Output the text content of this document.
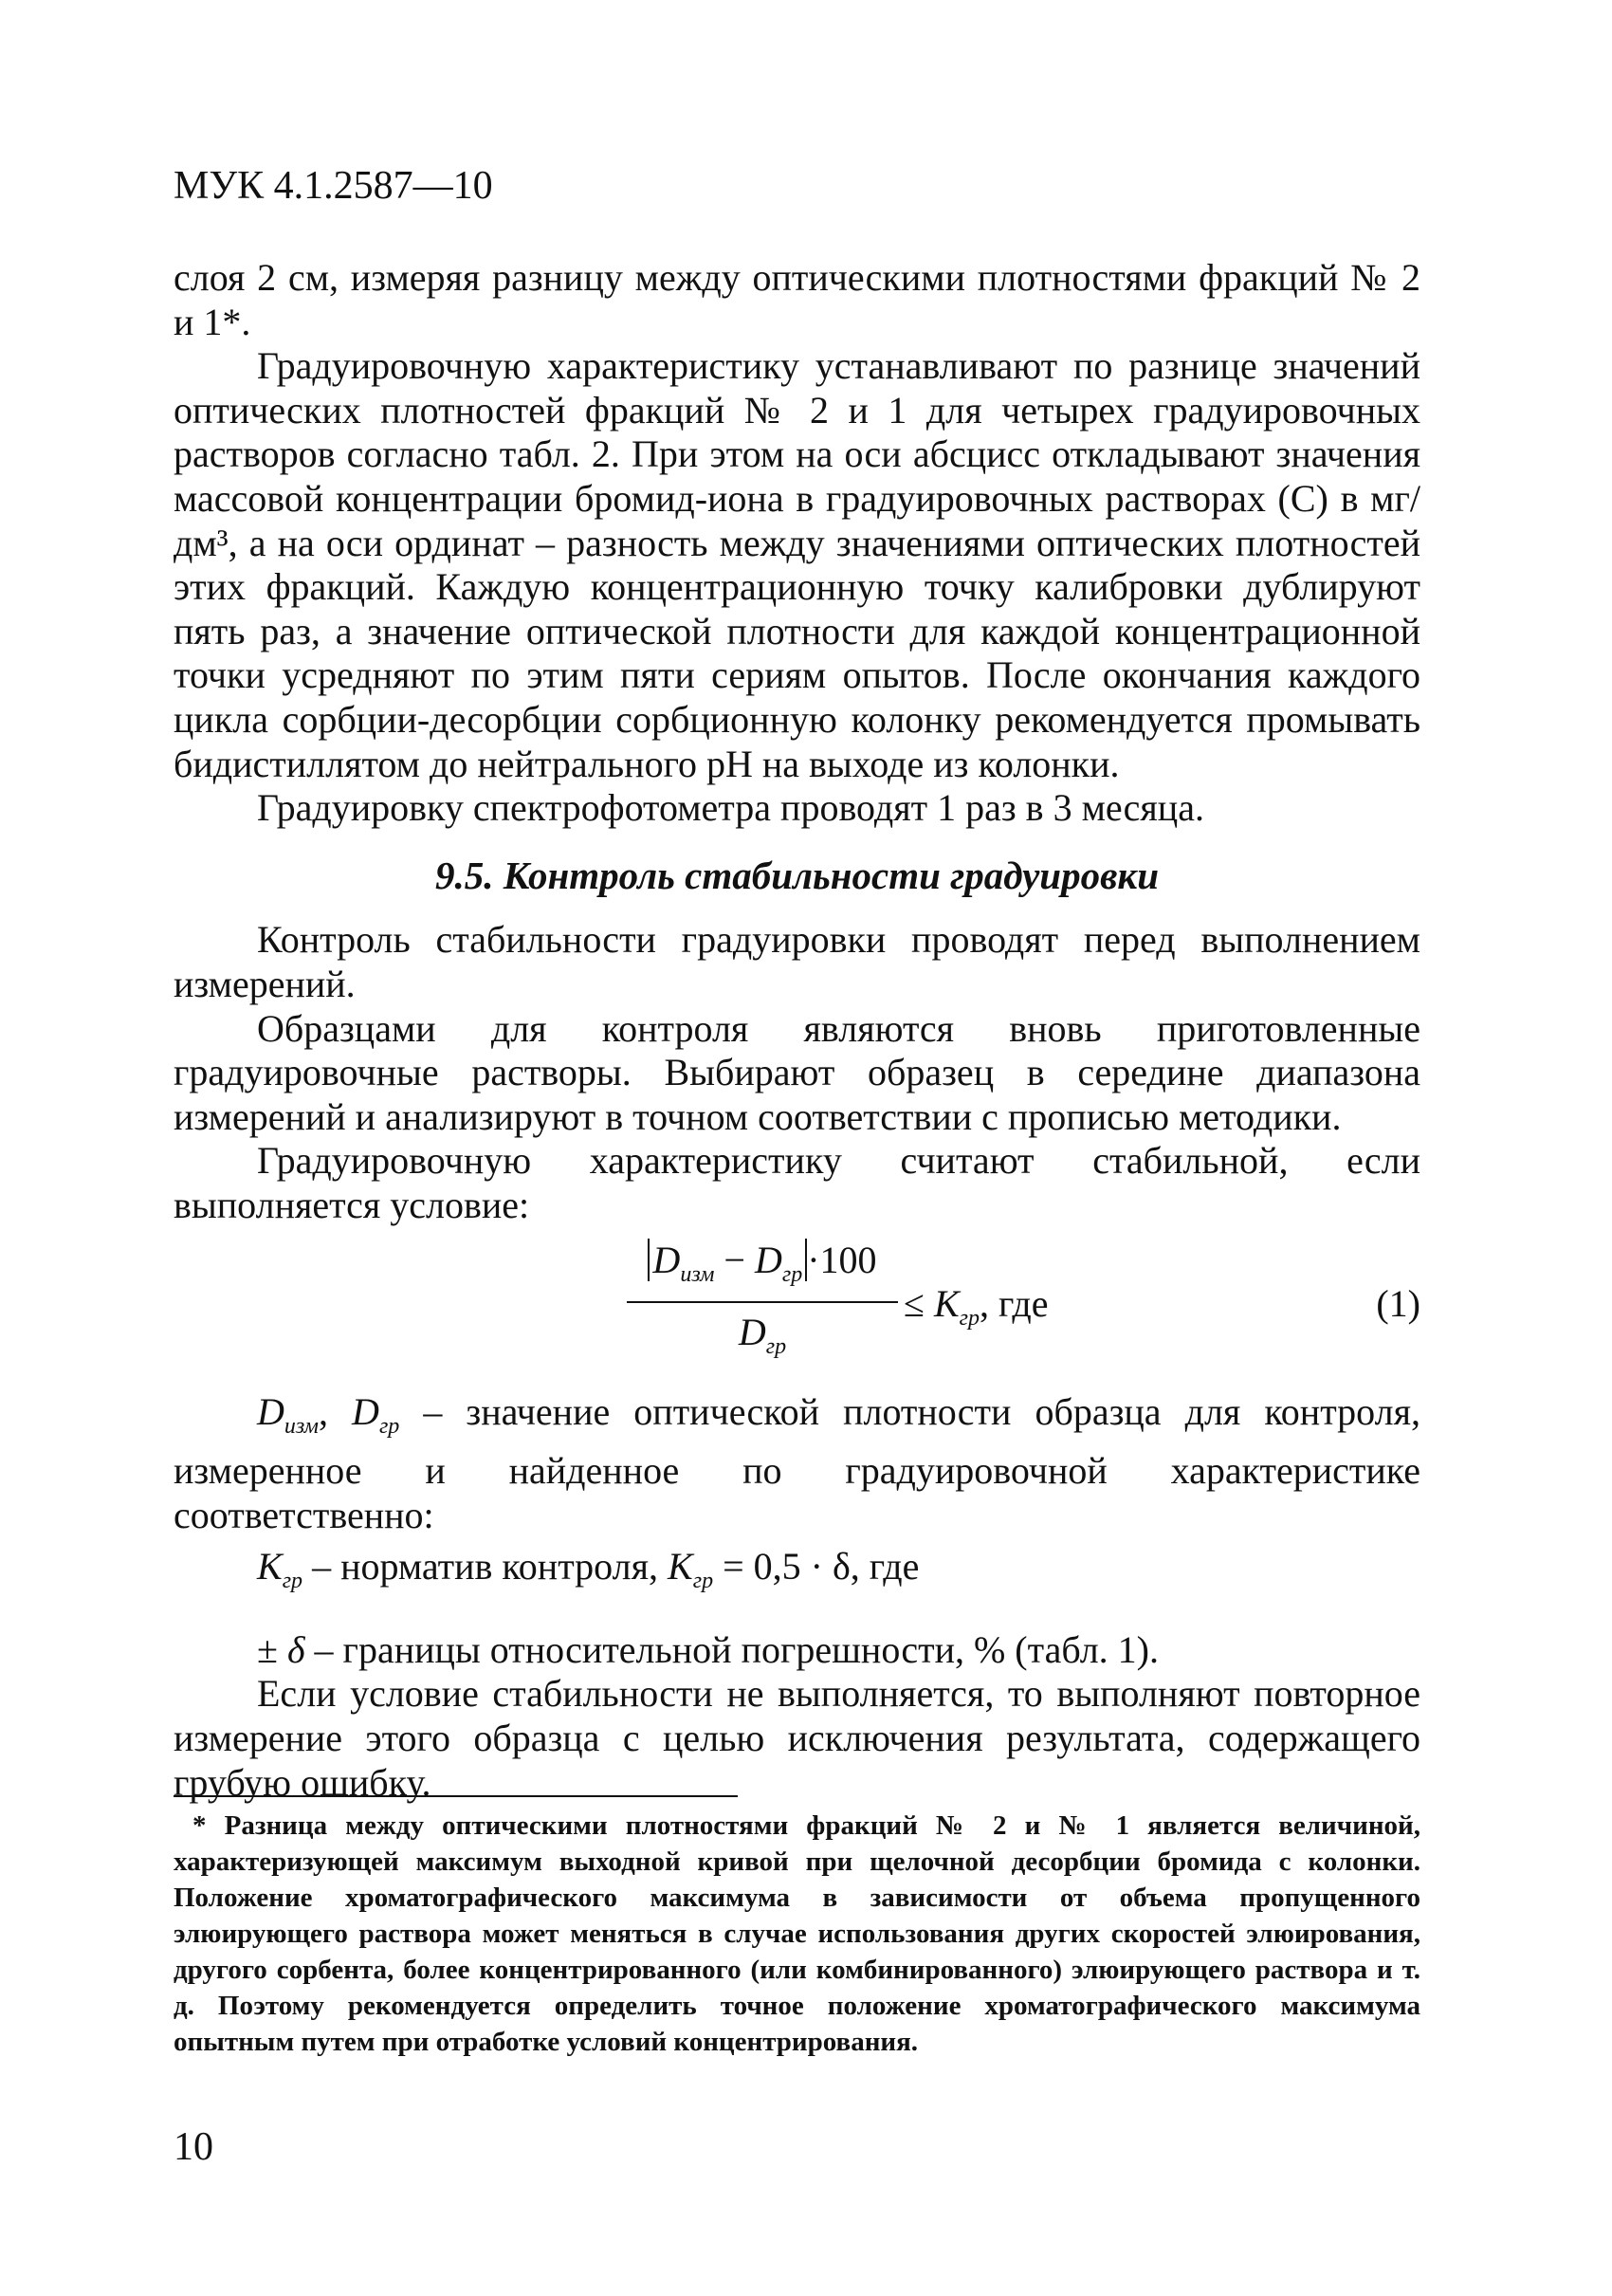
МУК 4.1.2587—10

слоя 2 см, измеряя разницу между оптическими плотностями фракций № 2 и 1*.

Градуировочную характеристику устанавливают по разнице значений оптических плотностей фракций № 2 и 1 для четырех градуировочных растворов согласно табл. 2. При этом на оси абсцисс откладывают значения массовой концентрации бромид-иона в градуировочных растворах (С) в мг/дм³, а на оси ординат – разность между значениями оптических плотностей этих фракций. Каждую концентрационную точку калибровки дублируют пять раз, а значение оптической плотности для каждой концентрационной точки усредняют по этим пяти сериям опытов. После окончания каждого цикла сорбции-десорбции сорбционную колонку рекомендуется промывать бидистиллятом до нейтрального рН на выходе из колонки.

Градуировку спектрофотометра проводят 1 раз в 3 месяца.

9.5. Контроль стабильности градуировки

Контроль стабильности градуировки проводят перед выполнением измерений.

Образцами для контроля являются вновь приготовленные градуировочные растворы. Выбирают образец в середине диапазона измерений и анализируют в точном соответствии с прописью методики.

Градуировочную характеристику считают стабильной, если выполняется условие:

$D_{изм} - D_{гр} \cdot 100$
$D_{гр}$
≤ $K_{гр}$, где	(1)

$D_{изм}$, $D_{гр}$ – значение оптической плотности образца для контроля, измеренное и найденное по градуировочной характеристике соответственно:

$K_{гр}$ – норматив контроля, $K_{гр} = 0,5 \cdot \delta$, где

± δ – границы относительной погрешности, % (табл. 1).

Если условие стабильности не выполняется, то выполняют повторное измерение этого образца с целью исключения результата, содержащего грубую ошибку.

* Разница между оптическими плотностями фракций № 2 и № 1 является величиной, характеризующей максимум выходной кривой при щелочной десорбции бромида с колонки. Положение хроматографического максимума в зависимости от объема пропущенного элюирующего раствора может меняться в случае использования других скоростей элюирования, другого сорбента, более концентрированного (или комбинированного) элюирующего раствора и т. д. Поэтому рекомендуется определить точное положение хроматографического максимума опытным путем при отработке условий концентрирования.

10
